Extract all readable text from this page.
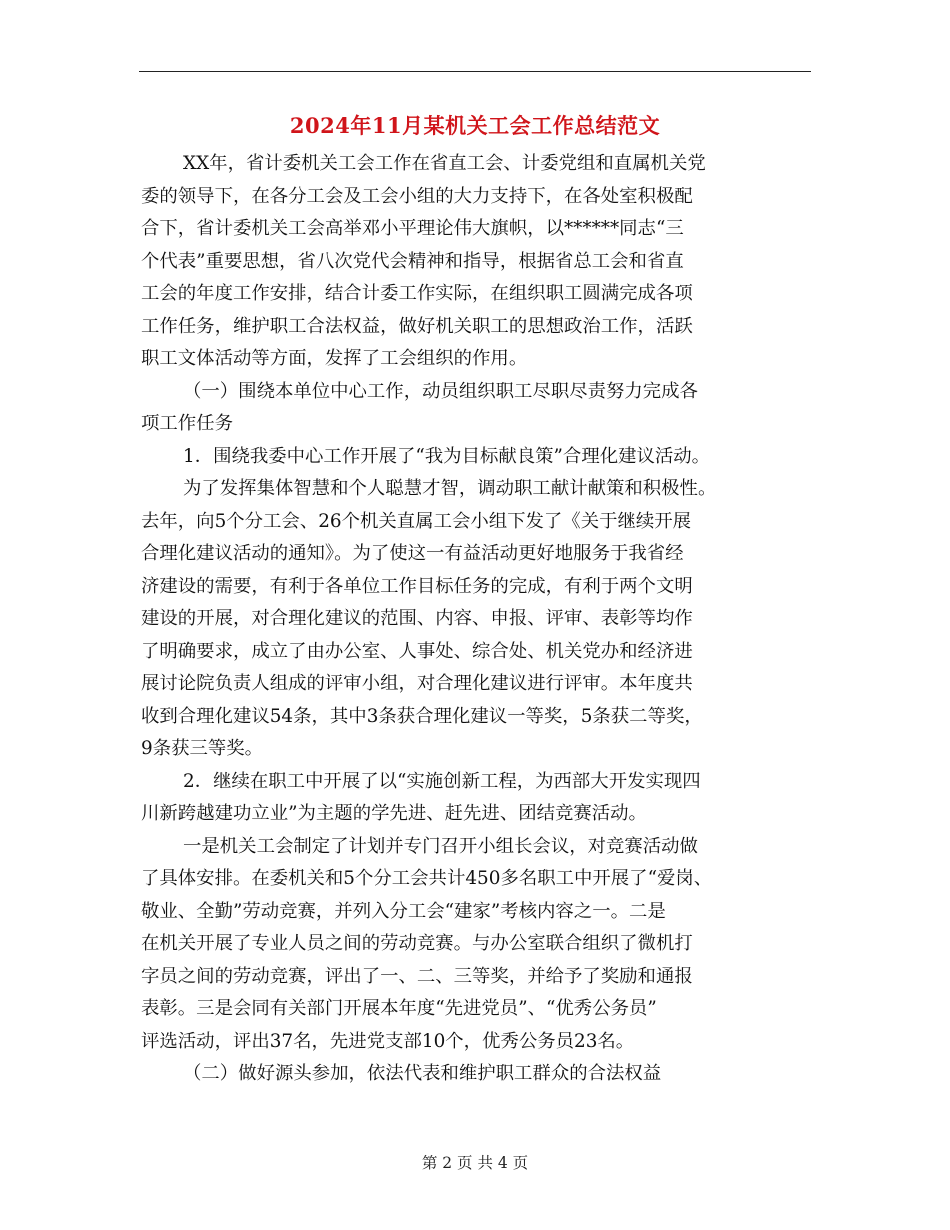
2024年11月某机关工会工作总结范文
XX年，省计委机关工会工作在省直工会、计委党组和直属机关党
委的领导下，在各分工会及工会小组的大力支持下，在各处室积极配
合下，省计委机关工会高举邓小平理论伟大旗帜，以******同志“三
个代表”重要思想，省八次党代会精神和指导，根据省总工会和省直
工会的年度工作安排，结合计委工作实际，在组织职工圆满完成各项
工作任务，维护职工合法权益，做好机关职工的思想政治工作，活跃
职工文体活动等方面，发挥了工会组织的作用。
（一）围绕本单位中心工作，动员组织职工尽职尽责努力完成各
项工作任务
1．围绕我委中心工作开展了“我为目标献良策”合理化建议活动。
为了发挥集体智慧和个人聪慧才智，调动职工献计献策和积极性。
去年，向5个分工会、26个机关直属工会小组下发了《关于继续开展
合理化建议活动的通知》。为了使这一有益活动更好地服务于我省经
济建设的需要，有利于各单位工作目标任务的完成，有利于两个文明
建设的开展，对合理化建议的范围、内容、申报、评审、表彰等均作
了明确要求，成立了由办公室、人事处、综合处、机关党办和经济进
展讨论院负责人组成的评审小组，对合理化建议进行评审。本年度共
收到合理化建议54条，其中3条获合理化建议一等奖，5条获二等奖，
9条获三等奖。
2．继续在职工中开展了以“实施创新工程，为西部大开发实现四
川新跨越建功立业”为主题的学先进、赶先进、团结竞赛活动。
一是机关工会制定了计划并专门召开小组长会议，对竞赛活动做
了具体安排。在委机关和5个分工会共计450多名职工中开展了“爱岗、
敬业、全勤”劳动竞赛，并列入分工会“建家”考核内容之一。二是
在机关开展了专业人员之间的劳动竞赛。与办公室联合组织了微机打
字员之间的劳动竞赛，评出了一、二、三等奖，并给予了奖励和通报
表彰。三是会同有关部门开展本年度“先进党员”、“优秀公务员”
评选活动，评出37名，先进党支部10个，优秀公务员23名。
（二）做好源头参加，依法代表和维护职工群众的合法权益
第 2 页 共 4 页
